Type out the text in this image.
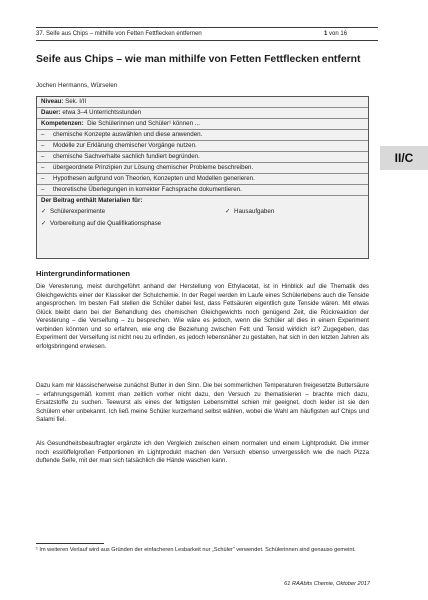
37. Seife aus Chips – mithilfe von Fetten Fettflecken entfernen	1 von 16
Seife aus Chips – wie man mithilfe von Fetten Fettflecken entfernt
Jochen Hermanns, Würselen
Niveau: Sek. I/II
Dauer: etwa 3–4 Unterrichtsstunden
Kompetenzen: Die Schülerinnen und Schüler¹ können ...
– chemische Konzepte auswählen und diese anwenden.
– Modelle zur Erklärung chemischer Vorgänge nutzen.
– chemische Sachverhalte sachlich fundiert begründen.
– übergeordnete Prinzipien zur Lösung chemischer Probleme beschreiben.
– Hypothesen aufgrund von Theorien, Konzepten und Modellen generieren.
– theoretische Überlegungen in korrekter Fachsprache dokumentieren.
Der Beitrag enthält Materialien für:
✓ Schülerexperimente	✓ Hausaufgaben
✓ Vorbereitung auf die Qualifikationsphase
II/C
Hintergrundinformationen

Die Veresterung, meist durchgeführt anhand der Herstellung von Ethylacetat, ist in Hinblick auf die Thematik des Gleichgewichts einer der Klassiker der Schulchemie. In der Regel werden im Laufe eines Schülerlebens auch die Tenside angesprochen. Im besten Fall stellen die Schüler dabei fest, dass Fettsäuren eigentlich gute Tenside wären. Mit etwas Glück bleibt dann bei der Behandlung des chemischen Gleichgewichts noch genügend Zeit, die Rückreaktion der Veresterung – die Verseifung – zu besprechen. Wie wäre es jedoch, wenn die Schüler all dies in einem Experiment verbinden könnten und so erfahren, wie eng die Beziehung zwischen Fett und Tensid wirklich ist? Zugegeben, das Experiment der Verseifung ist nicht neu zu erfinden, es jedoch lebensnäher zu gestalten, hat sich in den letzten Jahren als erfolgsbringend erwiesen.

Dazu kam mir klassischerweise zunächst Butter in den Sinn. Die bei sommerlichen Temperaturen freigesetzte Buttersäure – erfahrungsgemäß kommt man zeitlich vorher nicht dazu, den Versuch zu thematisieren – brachte mich dazu, Ersatzstoffe zu suchen. Teewurst als eines der fettigsten Lebensmittel schien mir geeignet, doch leider ist sie den Schülern eher unbekannt. Ich ließ meine Schüler kurzerhand selbst wählen, wobei die Wahl am häufigsten auf Chips und Salami fiel.

Als Gesundheitsbeauftragter ergänzte ich den Vergleich zwischen einem normalen und einem Lightprodukt. Die immer noch esslöffelgroßen Fettportionen im Lightprodukt machen den Versuch ebenso unvergesslich wie die nach Pizza duftende Seife, mit der man sich tatsächlich die Hände waschen kann.

¹ Im weiteren Verlauf wird aus Gründen der einfacheren Lesbarkeit nur „Schüler“ verwendet. Schülerinnen sind genauso gemeint.

61 RAAbits Chemie, Oktober 2017
